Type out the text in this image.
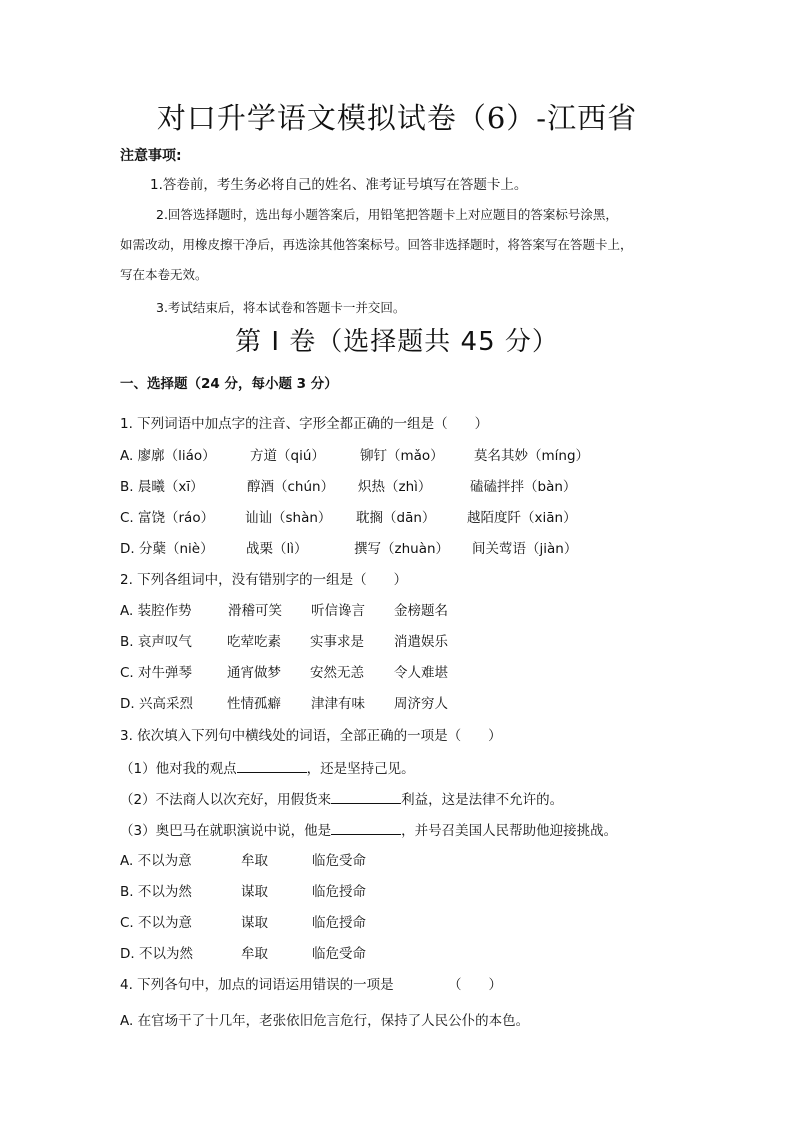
对口升学语文模拟试卷（6）-江西省
注意事项:
1.答卷前，考生务必将自己的姓名、准考证号填写在答题卡上。
2.回答选择题时，选出每小题答案后，用铅笔把答题卡上对应题目的答案标号涂黑，
如需改动，用橡皮擦干净后，再选涂其他答案标号。回答非选择题时，将答案写在答题卡上，
写在本卷无效。
3.考试结束后，将本试卷和答题卡一并交回。
第 I 卷（选择题共 45 分）
一、选择题（24 分，每小题 3 分）
1. 下列词语中加点字的注音、字形全都正确的一组是（　　）
A. 廖廓（liáo）	方道（qiú）	铆钉（mǎo） 莫名其妙（míng）
B. 晨曦（xī）	醇酒（chún） 炽热（zhì）	磕磕拌拌（bàn）
C. 富饶（ráo） 讪讪（shàn） 耽搁（dān） 越陌度阡（xiān）
D. 分蘖（niè） 战栗（lì）	撰写（zhuàn） 间关莺语（jiàn）
2. 下列各组词中，没有错别字的一组是（　　）
A. 装腔作势	滑稽可笑 听信谗言 金榜题名
B. 哀声叹气	吃荤吃素 实事求是 消遣娱乐
C. 对牛弹琴	通宵做梦 安然无恙 令人难堪
D. 兴高采烈	性情孤癖 津津有味 周济穷人
3. 依次填入下列句中横线处的词语，全部正确的一项是（　　）
（1）他对我的观点	，还是坚持己见。
（2）不法商人以次充好，用假货来	利益，这是法律不允许的。
（3）奥巴马在就职演说中说，他是	，并号召美国人民帮助他迎接挑战。
A. 不以为意	牟取	临危受命
B. 不以为然	谋取	临危授命
C. 不以为意	谋取	临危授命
D. 不以为然	牟取	临危受命
4. 下列各句中，加点的词语运用错误的一项是	（　　）
A. 在官场干了十几年，老张依旧危言危行，保持了人民公仆的本色。
